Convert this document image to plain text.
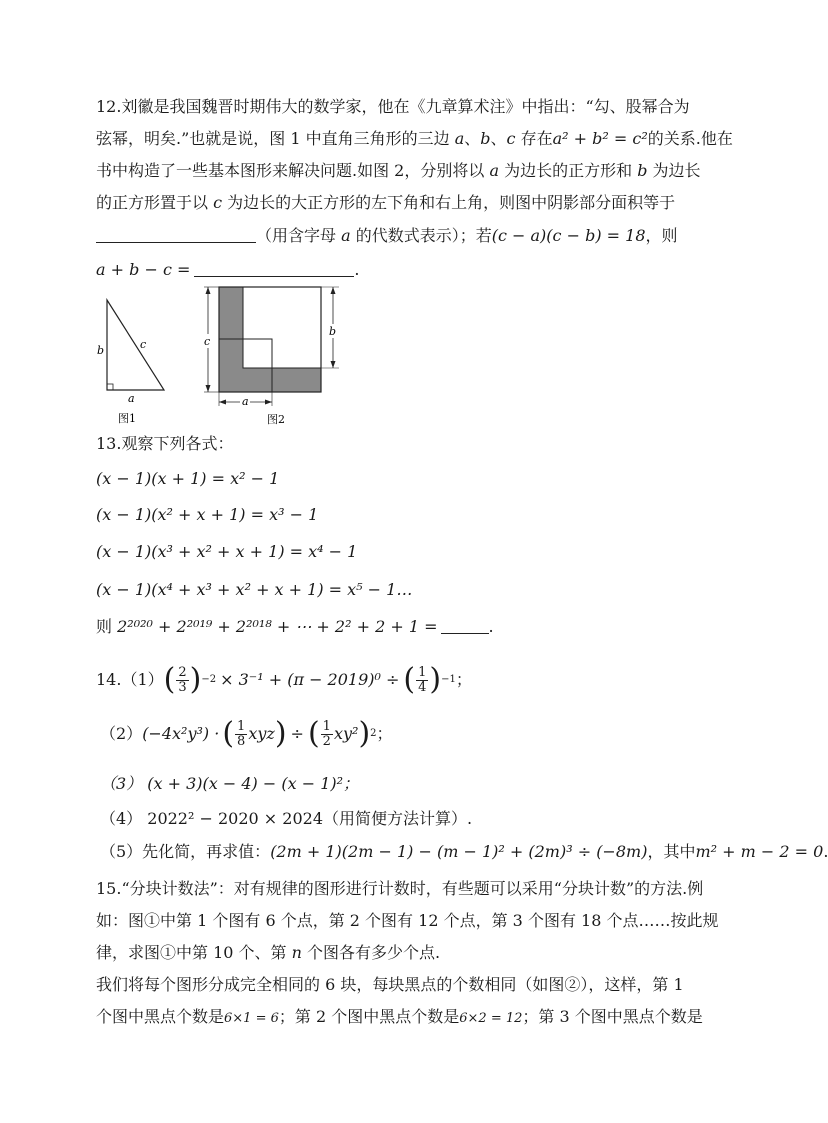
12.刘徽是我国魏晋时期伟大的数学家，他在《九章算术注》中指出：“勾、股幂合为
弦幂，明矣.”也就是说，图 1 中直角三角形的三边 a、b、c 存在a² + b² = c²的关系.他在
书中构造了一些基本图形来解决问题.如图 2，分别将以 a 为边长的正方形和 b 为边长
的正方形置于以 c 为边长的大正方形的左下角和右上角，则图中阴影部分面积等于
（用含字母 a 的代数式表示）；若(c − a)(c − b) = 18，则
a + b − c =	.
b	c
a
图1
c
b
a
图2
13.观察下列各式：
(x − 1)(x + 1) = x² − 1
(x − 1)(x² + x + 1) = x³ − 1
(x − 1)(x³ + x² + x + 1) = x⁴ − 1
(x − 1)(x⁴ + x³ + x² + x + 1) = x⁵ − 1…
则 2²⁰²⁰ + 2²⁰¹⁹ + 2²⁰¹⁸ + ⋯ + 2² + 2 + 1 =	.
14.（1） ( $\frac{2}{3}$ ) −2 × 3⁻¹ + (π − 2019)⁰ ÷ ( $\frac{1}{4}$ ) −1 ；
（2） (−4x²y³) · ( $\frac{1}{8}$ xyz ) ÷ ( $\frac{1}{2} xy^2$ ) 2 ；
（3） (x + 3)(x − 4) − (x − 1)²；
（4） 2022² − 2020 × 2024（用简便方法计算）.
（5）先化简，再求值：(2m + 1)(2m − 1) − (m − 1)² + (2m)³ ÷ (−8m)，其中m² + m − 2 = 0.
15.“分块计数法”：对有规律的图形进行计数时，有些题可以采用“分块计数”的方法.例
如：图①中第 1 个图有 6 个点，第 2 个图有 12 个点，第 3 个图有 18 个点……按此规
律，求图①中第 10 个、第 n 个图各有多少个点.
我们将每个图形分成完全相同的 6 块，每块黑点的个数相同（如图②），这样，第 1
个图中黑点个数是6×1 = 6；第 2 个图中黑点个数是6×2 = 12；第 3 个图中黑点个数是
